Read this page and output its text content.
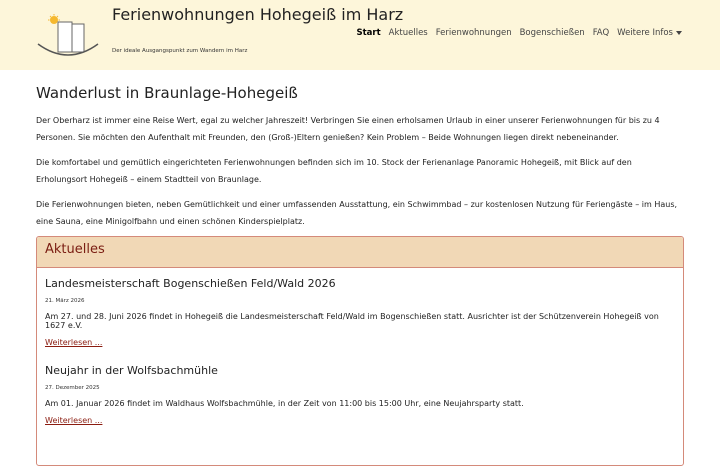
Ferienwohnungen Hohegeiß im Harz
Der ideale Ausgangspunkt zum Wandern im Harz
Start Aktuelles Ferienwohnungen Bogenschießen FAQ Weitere Infos
Wanderlust in Braunlage-Hohegeiß

Der Oberharz ist immer eine Reise Wert, egal zu welcher Jahreszeit! Verbringen Sie einen erholsamen Urlaub in einer unserer Ferienwohnungen für bis zu 4 Personen. Sie möchten den Aufenthalt mit Freunden, den (Groß-)Eltern genießen? Kein Problem – Beide Wohnungen liegen direkt nebeneinander.

Die komfortabel und gemütlich eingerichteten Ferienwohnungen befinden sich im 10. Stock der Ferienanlage Panoramic Hohegeiß, mit Blick auf den Erholungsort Hohegeiß – einem Stadtteil von Braunlage.

Die Ferienwohnungen bieten, neben Gemütlichkeit und einer umfassenden Ausstattung, ein Schwimmbad – zur kostenlosen Nutzung für Feriengäste – im Haus, eine Sauna, eine Minigolfbahn und einen schönen Kinderspielplatz.

Aktuelles
Landesmeisterschaft Bogenschießen Feld/Wald 2026
21. März 2026

Am 27. und 28. Juni 2026 findet in Hohegeiß die Landesmeisterschaft Feld/Wald im Bogenschießen statt. Ausrichter ist der Schützenverein Hohegeiß von 1627 e.V.

Weiterlesen ...
Neujahr in der Wolfsbachmühle
27. Dezember 2025

Am 01. Januar 2026 findet im Waldhaus Wolfsbachmühle, in der Zeit von 11:00 bis 15:00 Uhr, eine Neujahrsparty statt.

Weiterlesen ...
